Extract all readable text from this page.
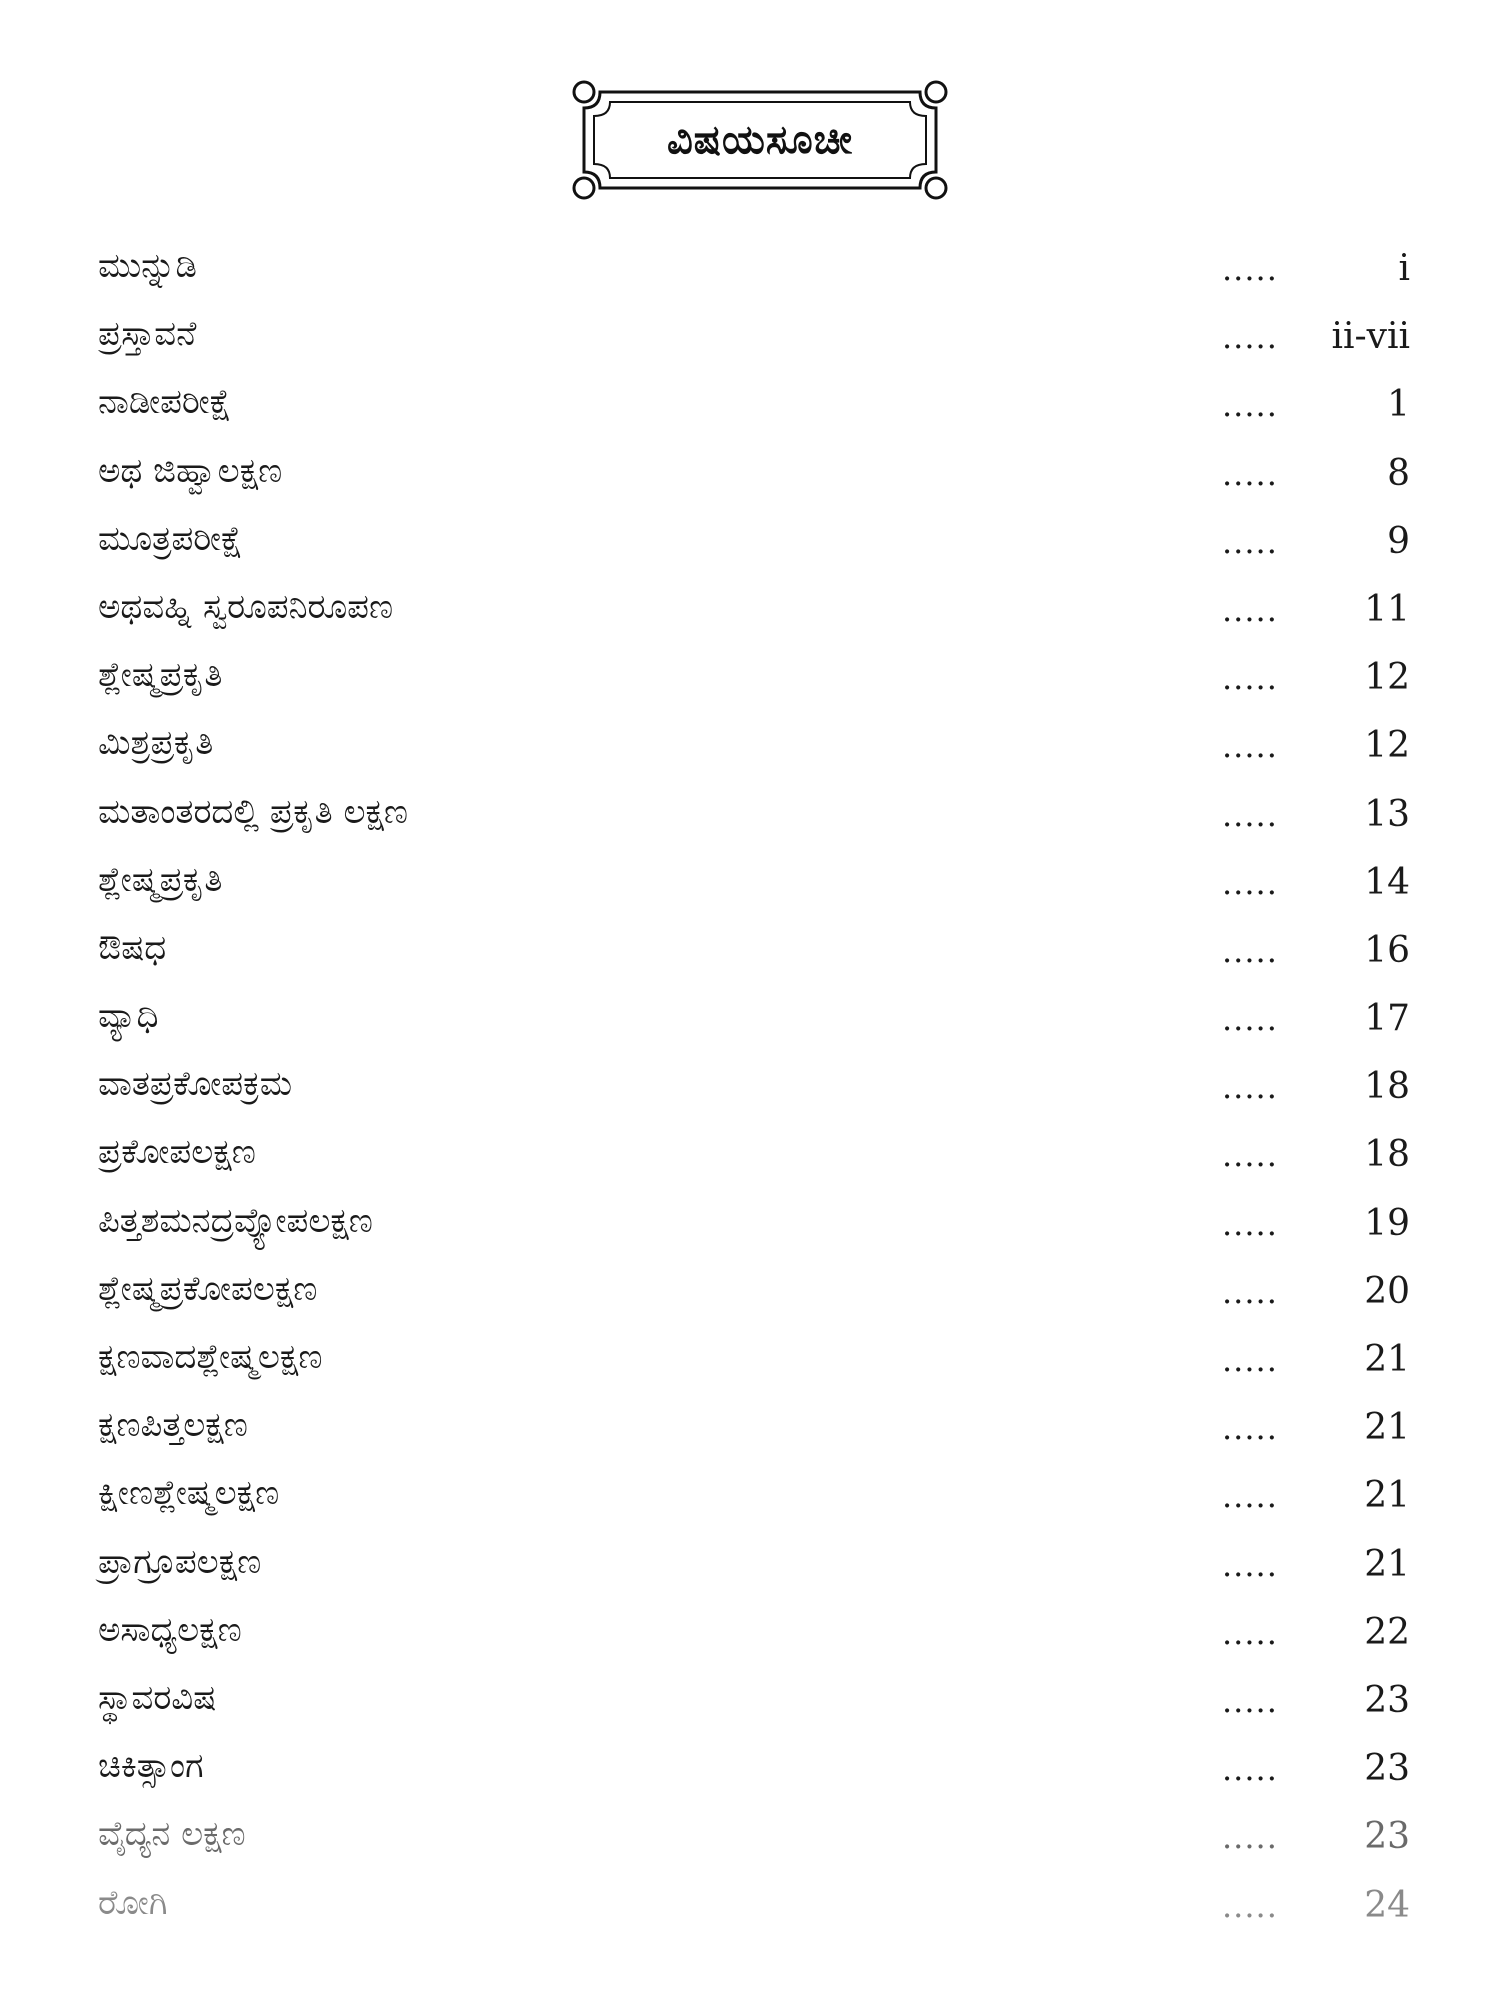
ವಿಷಯಸೂಚೀ
ಮುನ್ನುಡಿ	.....	i
ಪ್ರಸ್ತಾವನೆ	..... ii-vii
ನಾಡೀಪರೀಕ್ಷೆ	.....	1
ಅಥ ಜಿಹ್ವಾಲಕ್ಷಣ	.....	8
ಮೂತ್ರಪರೀಕ್ಷೆ	.....	9
ಅಥವಹ್ನಿ ಸ್ವರೂಪನಿರೂಪಣ	..... 11
ಶ್ಲೇಷ್ಮಪ್ರಕೃತಿ	..... 12
ಮಿಶ್ರಪ್ರಕೃತಿ	..... 12
ಮತಾಂತರದಲ್ಲಿ ಪ್ರಕೃತಿ ಲಕ್ಷಣ	..... 13
ಶ್ಲೇಷ್ಮಪ್ರಕೃತಿ	..... 14
ಔಷಧ	..... 16
ವ್ಯಾಧಿ	..... 17
ವಾತಪ್ರಕೋಪಕ್ರಮ	..... 18
ಪ್ರಕೋಪಲಕ್ಷಣ	..... 18
ಪಿತ್ತಶಮನದ್ರವ್ಯೋಪಲಕ್ಷಣ	..... 19
ಶ್ಲೇಷ್ಮಪ್ರಕೋಪಲಕ್ಷಣ	..... 20
ಕ್ಷಣವಾದಶ್ಲೇಷ್ಮಲಕ್ಷಣ	..... 21
ಕ್ಷಣಪಿತ್ತಲಕ್ಷಣ	..... 21
ಕ್ಷೀಣಶ್ಲೇಷ್ಮಲಕ್ಷಣ	..... 21
ಪ್ರಾಗ್ರೂಪಲಕ್ಷಣ	..... 21
ಅಸಾಧ್ಯಲಕ್ಷಣ	..... 22
ಸ್ಥಾವರವಿಷ	..... 23
ಚಿಕಿತ್ಸಾಂಗ	..... 23
ವೈದ್ಯನ ಲಕ್ಷಣ	..... 23
ರೋಗಿ	..... 24
